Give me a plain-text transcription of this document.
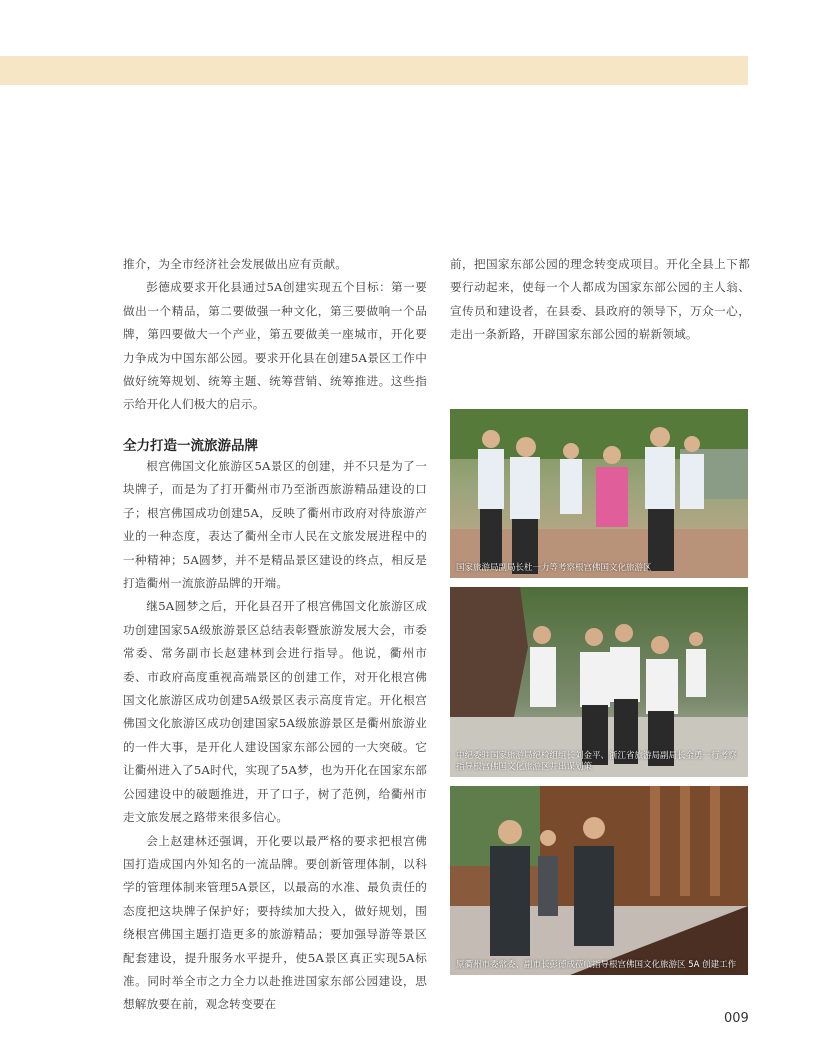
推介，为全市经济社会发展做出应有贡献。

彭德成要求开化县通过5A创建实现五个目标：第一要做出一个精品，第二要做强一种文化，第三要做响一个品牌，第四要做大一个产业，第五要做美一座城市，开化要力争成为中国东部公园。要求开化县在创建5A景区工作中做好统筹规划、统筹主题、统筹营销、统筹推进。这些指示给开化人们极大的启示。

全力打造一流旅游品牌

根宫佛国文化旅游区5A景区的创建，并不只是为了一块牌子，而是为了打开衢州市乃至浙西旅游精品建设的口子；根宫佛国成功创建5A，反映了衢州市政府对待旅游产业的一种态度，表达了衢州全市人民在文旅发展进程中的一种精神；5A圆梦，并不是精品景区建设的终点，相反是打造衢州一流旅游品牌的开端。

继5A圆梦之后，开化县召开了根宫佛国文化旅游区成功创建国家5A级旅游景区总结表彰暨旅游发展大会，市委常委、常务副市长赵建林到会进行指导。他说，衢州市委、市政府高度重视高端景区的创建工作，对开化根宫佛国文化旅游区成功创建5A级景区表示高度肯定。开化根宫佛国文化旅游区成功创建国家5A级旅游景区是衢州旅游业的一件大事，是开化人建设国家东部公园的一大突破。它让衢州进入了5A时代，实现了5A梦，也为开化在国家东部公园建设中的破题推进，开了口子，树了范例，给衢州市走文旅发展之路带来很多信心。

会上赵建林还强调，开化要以最严格的要求把根宫佛国打造成国内外知名的一流品牌。要创新管理体制，以科学的管理体制来管理5A景区，以最高的水准、最负责任的态度把这块牌子保护好；要持续加大投入，做好规划，围绕根宫佛国主题打造更多的旅游精品；要加强导游等景区配套建设，提升服务水平提升，使5A景区真正实现5A标准。同时举全市之力全力以赴推进国家东部公园建设，思想解放要在前，观念转变要在

前，把国家东部公园的理念转变成项目。开化全县上下都要行动起来，使每一个人都成为国家东部公园的主人翁、宣传员和建设者，在县委、县政府的领导下，万众一心，走出一条新路，开辟国家东部公园的崭新领域。

国家旅游局副局长杜一力等考察根宫佛国文化旅游区
中纪委驻国家旅游局纪检组组长刘金平、浙江省旅游局副局长金勇一行考察指导根宫佛国文化旅游区并出谋划策
原衢州市委常委、副市长彭德成莅临指导根宫佛国文化旅游区 5A 创建工作
009
